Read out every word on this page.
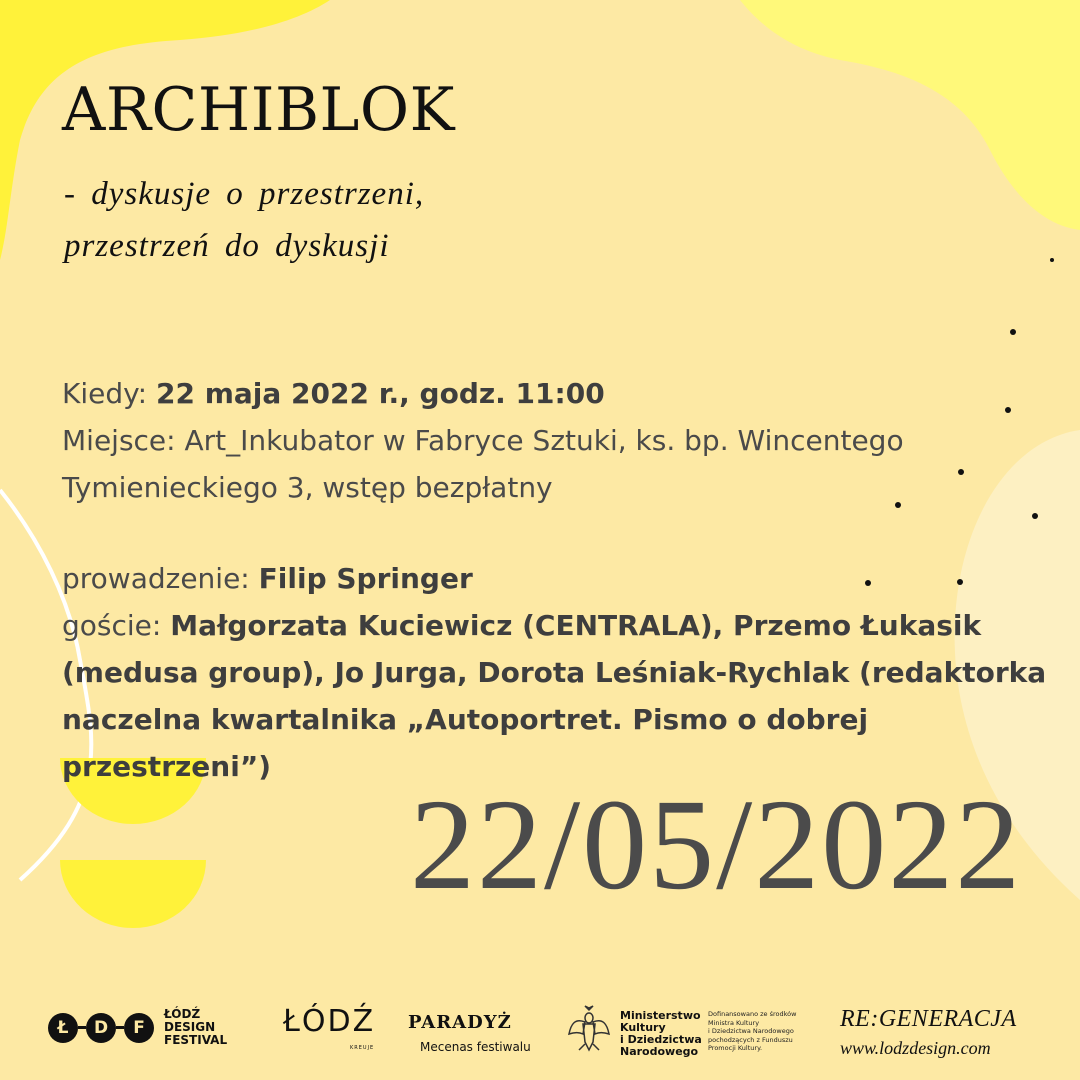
ARCHIBLOK
- dyskusje o przestrzeni,
przestrzeń do dyskusji

Kiedy: 22 maja 2022 r., godz. 11:00

Miejsce: Art_Inkubator w Fabryce Sztuki, ks. bp. Wincentego

Tymienieckiego 3, wstęp bezpłatny

prowadzenie: Filip Springer

goście: Małgorzata Kuciewicz (CENTRALA), Przemo Łukasik

(medusa group), Jo Jurga, Dorota Leśniak-Rychlak (redaktorka

naczelna kwartalnika „Autoportret. Pismo o dobrej przestrzeni”)

22/05/2022
Ł	D	F
ŁÓDŹ DESIGN
FESTIVAL
ŁÓDŹ
KREUJE
PARADYŻ
Mecenas festiwalu
Ministerstwo
Kultury
i Dziedzictwa
Narodowego
Dofinansowano ze środków
Ministra Kultury
i Dziedzictwa Narodowego
pochodzących z Funduszu
Promocji Kultury.
RE:GENERACJA
www.lodzdesign.com
